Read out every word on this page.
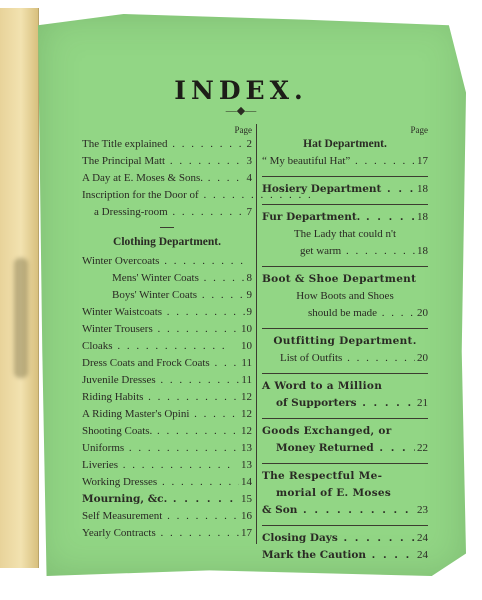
INDEX.
—◆—
Page
The Title explained . . .	2
The Principal Matt . . .	3
A Day at E. Moses & Sons. . . .	4
Inscription for the Door of . . .
a Dressing-room . . .	7
Clothing Department.
Winter Overcoats . . .
Mens' Winter Coats . . .	8
Boys' Winter Coats . . .	9
Winter Waistcoats . . .	9
Winter Trousers . . .	10
Cloaks . . .	10
Dress Coats and Frock Coats . . .	11
Juvenile Dresses . . .	11
Riding Habits . . .	12
A Riding Master's Opini . . .	12
Shooting Coats. . . .	12
Uniforms . . .	13
Liveries . . .	13
Working Dresses . . .	14
Mourning, &c. . . .	15
Self Measurement . . .	16
Yearly Contracts . . .	17
Page
Hat Department.
“ My beautiful Hat” . . .	17
Hosiery Department . . .	18
Fur Department. . . .	18
The Lady that could n't
get warm . . .	18
Boot & Shoe Department
How Boots and Shoes
should be made . . .	20
Outfitting Department.
List of Outfits . . .	20
A Word to a Million
of Supporters . . .	21
Goods Exchanged, or
Money Returned . . .	22
The Respectful Me-
morial of E. Moses
& Son . . .	23
Closing Days . . .	24
Mark the Caution . . .	24
